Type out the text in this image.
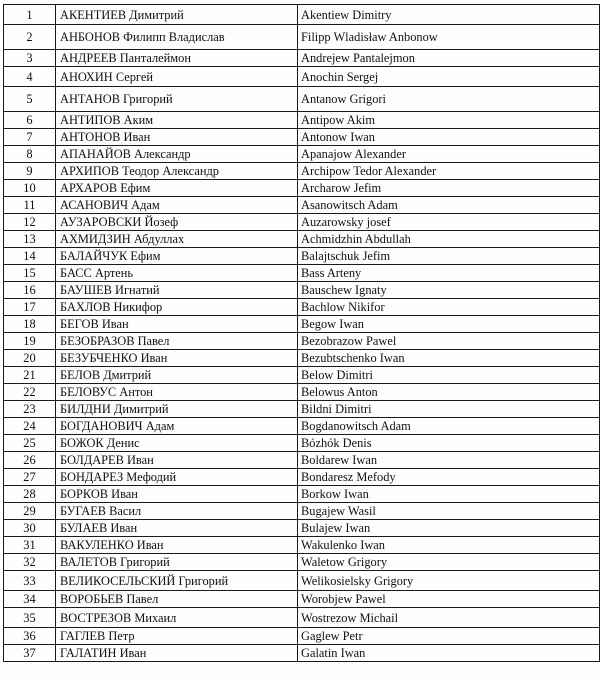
1	АКЕНТИЕВ Димитрий	Akentiew Dimitry
2	АНБОНОВ Филипп Владислав	Filipp Wladisław Anbonow
3	АНДРЕЕВ Панталеймон	Andrejew Pantalejmon
4	АНОХИН Сергей	Anochin Sergej
5	АНТАНОВ Григорий	Antanow Grigori
6	АНТИПОВ Аким	Antipow Akim
7	АНТОНОВ Иван	Antonow Iwan
8	АПАНАЙОВ Александр	Apanajow Alexander
9	АРХИПОВ Теодор Александр	Archipow Tedor Alexander
10	АРХАРОВ Ефим	Archarow Jefim
11	АСАНОВИЧ Адам	Asanowitsch Adam
12	АУЗАРОВСКИ Йозеф	Auzarowsky josef
13	АХМИДЗИН Абдуллах	Achmidzhin Abdullah
14	БАЛАЙЧУК Ефим	Balajtschuk Jefim
15	БАСС Артень	Bass Arteny
16	БАУШЕВ Игнатий	Bauschew Ignaty
17	БАХЛОВ Никифор	Bachlow Nikifor
18	БЕГОВ Иван	Begow Iwan
19	БЕЗОБРАЗОВ Павел	Bezobrazow Pawel
20	БЕЗУБЧЕНКО Иван	Bezubtschenko Iwan
21	БЕЛОВ Дмитрий	Below Dimitri
22	БЕЛОВУС Антон	Belowus Anton
23	БИЛДНИ Димитрий	Bildni Dimitri
24	БОГДАНОВИЧ Адам	Bogdanowitsch Adam
25	БОЖОК Денис	Bózhók Denis
26	БОЛДАРЕВ Иван	Boldarew Iwan
27	БОНДАРЕЗ Мефодий	Bondaresz Mefody
28	БОРКОВ Иван	Borkow Iwan
29	БУГАЕВ Васил	Bugajew Wasil
30	БУЛАЕВ Иван	Bulajew Iwan
31	ВАКУЛЕНКО Иван	Wakulenko Iwan
32	ВАЛЕТОВ Григорий	Waletow Grigory
33	ВЕЛИКОСЕЛЬСКИЙ Григорий	Welikosielsky Grigory
34	ВОРОБЬЕВ Павел	Worobjew Pawel
35	ВОСТРЕЗОВ Михаил	Wostrezow Michail
36	ГАГЛЕВ Петр	Gaglew Petr
37	ГАЛАТИН Иван	Galatin Iwan
